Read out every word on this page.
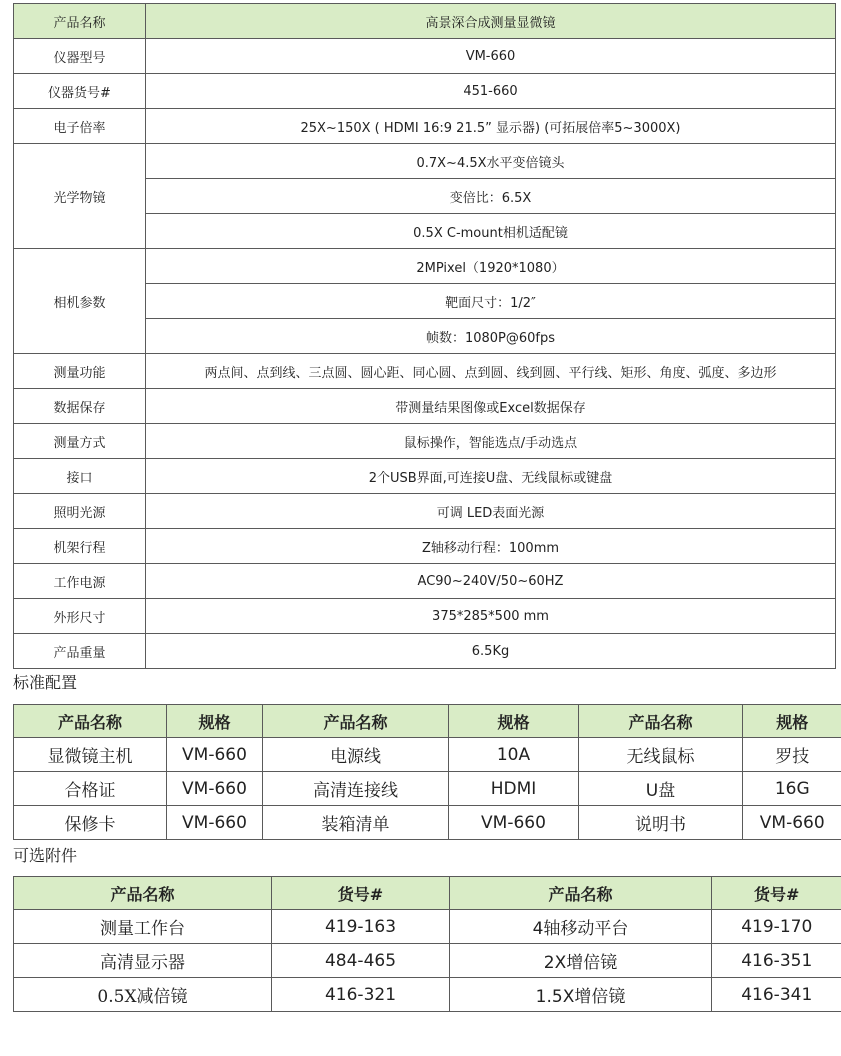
产品名称	高景深合成测量显微镜
仪器型号	VM-660
仪器货号#	451-660
电子倍率	25X~150X ( HDMI 16:9 21.5” 显示器) (可拓展倍率5~3000X)
光学物镜	0.7X~4.5X水平变倍镜头
	变倍比：6.5X
	0.5X C-mount相机适配镜
相机参数	2MPixel（1920*1080）
	靶面尺寸：1/2″
	帧数：1080P@60fps
测量功能	两点间、点到线、三点圆、圆心距、同心圆、点到圆、线到圆、平行线、矩形、角度、弧度、多边形
数据保存	带测量结果图像或Excel数据保存
测量方式	鼠标操作，智能选点/手动选点
接口	2个USB界面,可连接U盘、无线鼠标或键盘
照明光源	可调 LED表面光源
机架行程	Z轴移动行程：100mm
工作电源	AC90~240V/50~60HZ
外形尺寸	375*285*500 mm
产品重量	6.5Kg
标准配置
产品名称	规格	产品名称	规格	产品名称	规格
显微镜主机	VM-660	电源线	10A	无线鼠标	罗技
合格证	VM-660	高清连接线	HDMI	U盘	16G
保修卡	VM-660	装箱清单	VM-660	说明书	VM-660
可选附件
产品名称	货号#	产品名称	货号#
测量工作台	419-163	4轴移动平台	419-170
高清显示器	484-465	2X增倍镜	416-351
0.5X减倍镜	416-321	1.5X增倍镜	416-341
